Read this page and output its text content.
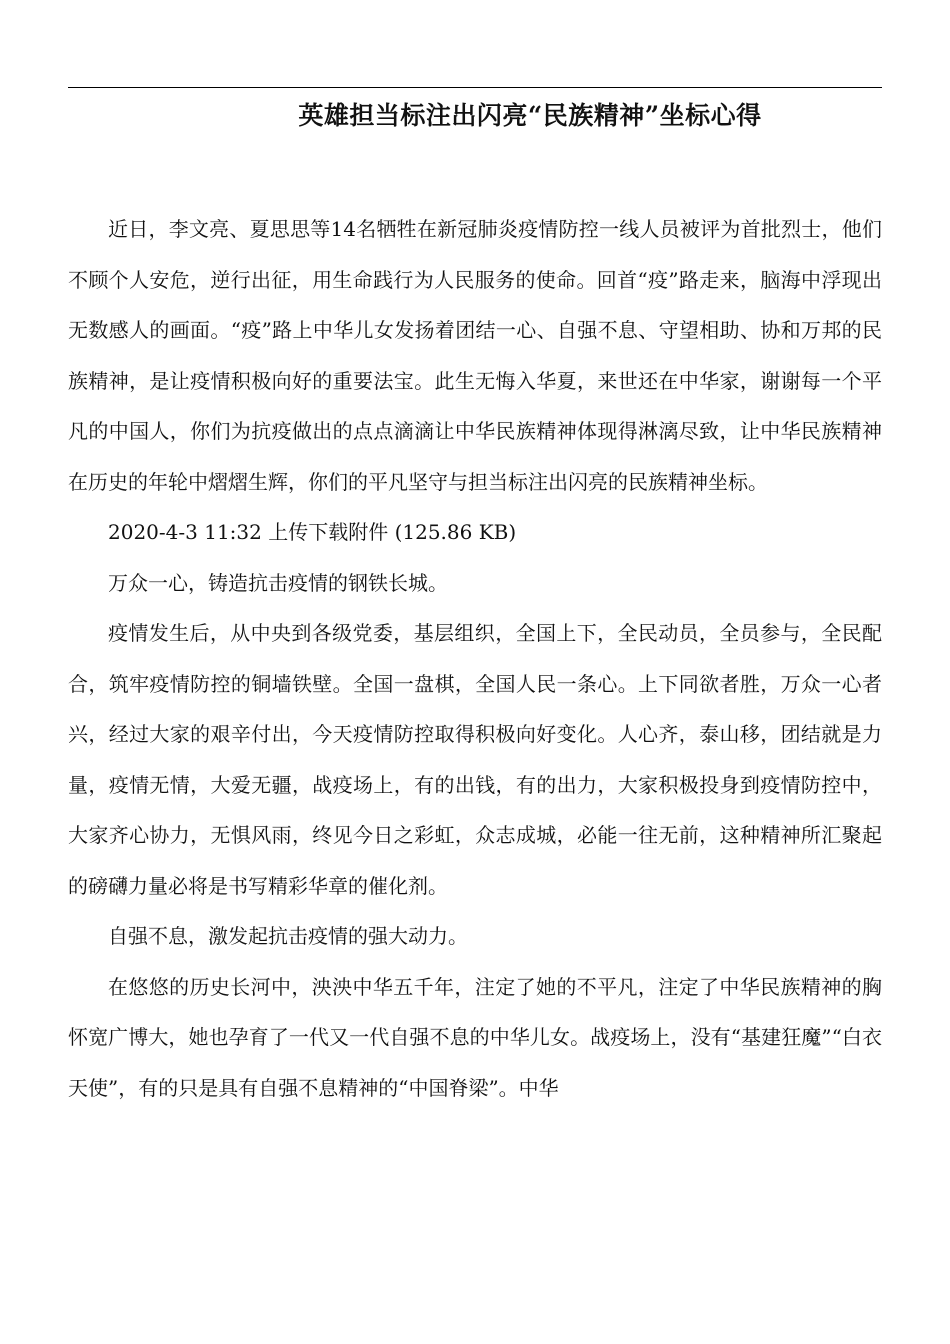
英雄担当标注出闪亮“民族精神”坐标心得

近日，李文亮、夏思思等14名牺牲在新冠肺炎疫情防控一线人员被评为首批烈士，他们不顾个人安危，逆行出征，用生命践行为人民服务的使命。回首“疫”路走来，脑海中浮现出无数感人的画面。“疫”路上中华儿女发扬着团结一心、自强不息、守望相助、协和万邦的民族精神，是让疫情积极向好的重要法宝。此生无悔入华夏，来世还在中华家，谢谢每一个平凡的中国人，你们为抗疫做出的点点滴滴让中华民族精神体现得淋漓尽致，让中华民族精神在历史的年轮中熠熠生辉，你们的平凡坚守与担当标注出闪亮的民族精神坐标。

2020-4-3 11:32 上传下载附件 (125.86 KB)

万众一心，铸造抗击疫情的钢铁长城。

疫情发生后，从中央到各级党委，基层组织，全国上下，全民动员，全员参与，全民配合，筑牢疫情防控的铜墙铁壁。全国一盘棋，全国人民一条心。上下同欲者胜，万众一心者兴，经过大家的艰辛付出，今天疫情防控取得积极向好变化。人心齐，泰山移，团结就是力量，疫情无情，大爱无疆，战疫场上，有的出钱，有的出力，大家积极投身到疫情防控中，大家齐心协力，无惧风雨，终见今日之彩虹，众志成城，必能一往无前，这种精神所汇聚起的磅礴力量必将是书写精彩华章的催化剂。

自强不息，激发起抗击疫情的强大动力。

在悠悠的历史长河中，泱泱中华五千年，注定了她的不平凡，注定了中华民族精神的胸怀宽广博大，她也孕育了一代又一代自强不息的中华儿女。战疫场上，没有“基建狂魔”“白衣天使”，有的只是具有自强不息精神的“中国脊梁”。中华
